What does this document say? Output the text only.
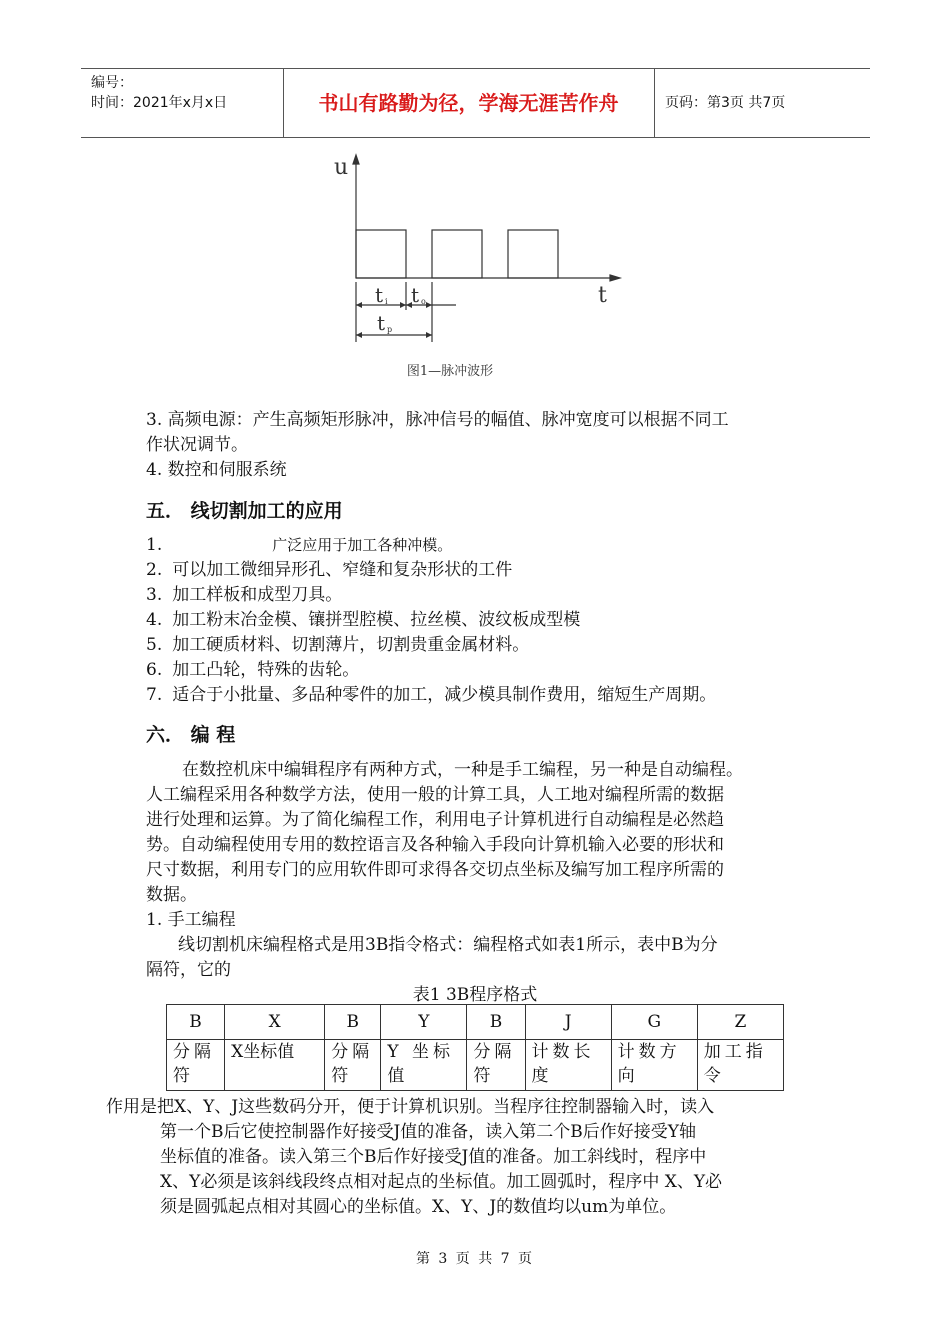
编号：
时间：2021年x月x日	书山有路勤为径，学海无涯苦作舟	页码：第3页 共7页
u
t
t i t o
t p
图1—脉冲波形
3. 高频电源：产生高频矩形脉冲，脉冲信号的幅值、脉冲宽度可以根据不同工
作状况调节。
4. 数控和伺服系统
五． 线切割加工的应用
1.	广泛应用于加工各种冲模。
2. 可以加工微细异形孔、窄缝和复杂形状的工件
3. 加工样板和成型刀具。
4. 加工粉末冶金模、镶拼型腔模、拉丝模、波纹板成型模
5. 加工硬质材料、切割薄片，切割贵重金属材料。
6. 加工凸轮，特殊的齿轮。
7. 适合于小批量、多品种零件的加工，减少模具制作费用，缩短生产周期。
六． 编 程
在数控机床中编辑程序有两种方式，一种是手工编程，另一种是自动编程。
人工编程采用各种数学方法，使用一般的计算工具，人工地对编程所需的数据
进行处理和运算。为了简化编程工作，利用电子计算机进行自动编程是必然趋
势。自动编程使用专用的数控语言及各种输入手段向计算机输入必要的形状和
尺寸数据，利用专门的应用软件即可求得各交切点坐标及编写加工程序所需的
数据。
1. 手工编程
线切割机床编程格式是用3B指令格式：编程格式如表1所示，表中B为分
隔符，它的
表1 3B程序格式
B	X	B	Y	B	J	G	Z
分隔符	X坐标值	分隔符	Y 坐标值	分隔符	计数长度	计数方向	加工指令
作用是把X、Y、J这些数码分开，便于计算机识别。当程序往控制器输入时，读入
第一个B后它使控制器作好接受J值的准备，读入第二个B后作好接受Y轴
坐标值的准备。读入第三个B后作好接受J值的准备。加工斜线时，程序中
X、Y必须是该斜线段终点相对起点的坐标值。加工圆弧时，程序中 X、Y必
须是圆弧起点相对其圆心的坐标值。X、Y、J的数值均以um为单位。
第 3 页 共 7 页
